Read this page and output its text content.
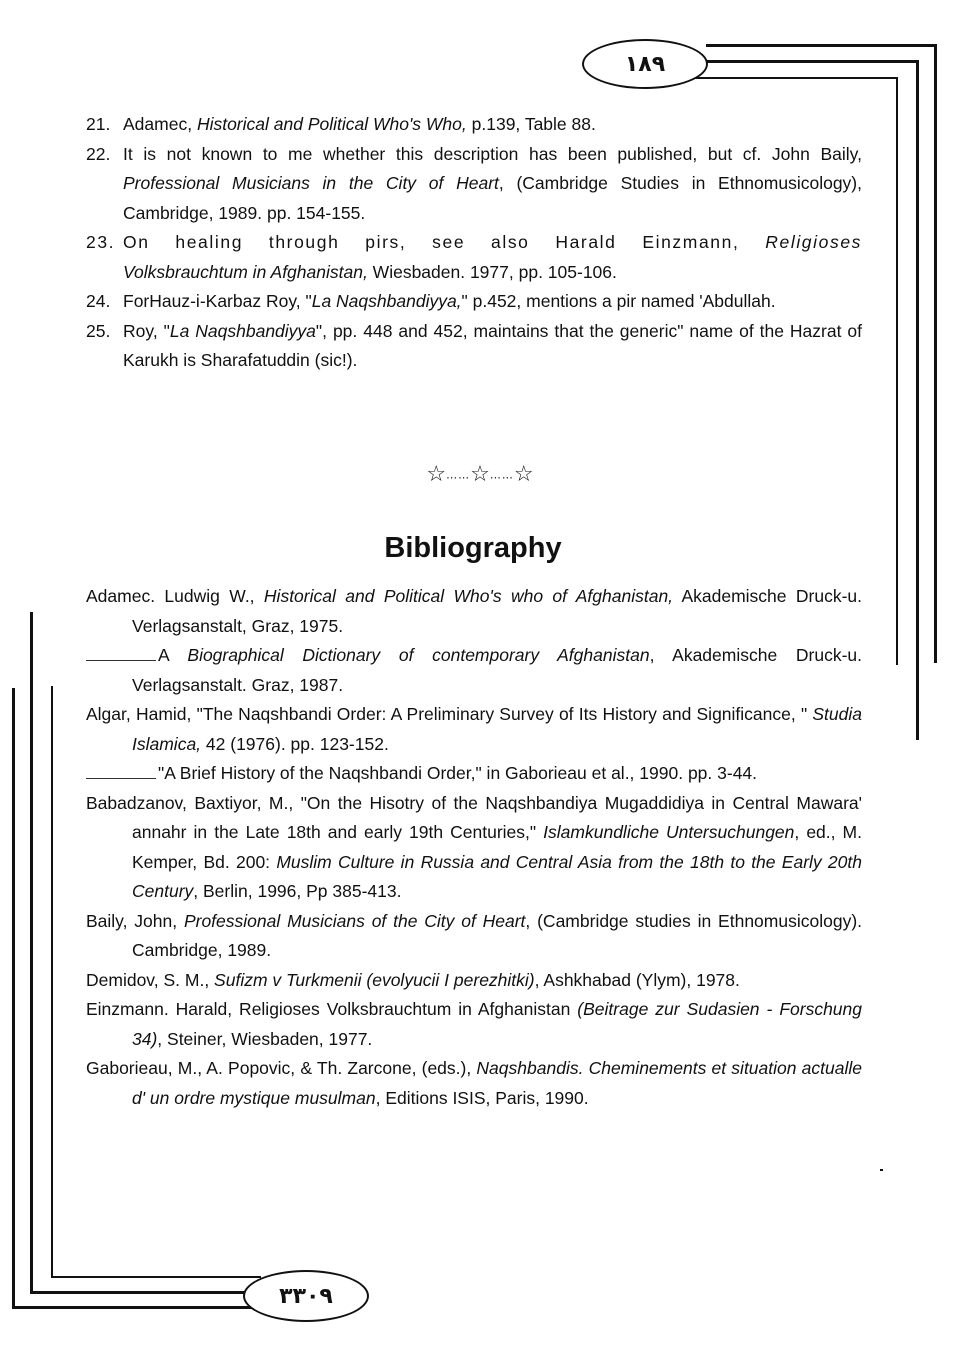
١٨٩
٣٣٠٩
21. Adamec, Historical and Political Who's Who, p.139, Table 88.
22. It is not known to me whether this description has been published, but cf. John Baily, Professional Musicians in the City of Heart, (Cambridge Studies in Ethnomusicology), Cambridge, 1989. pp. 154-155.
23. On healing through pirs, see also Harald Einzmann, Religioses Volksbrauchtum in Afghanistan, Wiesbaden. 1977, pp. 105-106.
24. ForHauz-i-Karbaz Roy, "La Naqshbandiyya," p.452, mentions a pir named 'Abdullah.
25. Roy, "La Naqshbandiyya", pp. 448 and 452, maintains that the generic" name of the Hazrat of Karukh is Sharafatuddin (sic!).
☆……☆……☆
Bibliography
Adamec. Ludwig W., Historical and Political Who's who of Afghanistan, Akademische Druck-u. Verlagsanstalt, Graz, 1975.
A Biographical Dictionary of contemporary Afghanistan, Akademische Druck-u. Verlagsanstalt. Graz, 1987.
Algar, Hamid, "The Naqshbandi Order: A Preliminary Survey of Its History and Significance, " Studia Islamica, 42 (1976). pp. 123-152.
"A Brief History of the Naqshbandi Order," in Gaborieau et al., 1990. pp. 3-44.
Babadzanov, Baxtiyor, M., "On the Hisotry of the Naqshbandiya Mugaddidiya in Central Mawara' annahr in the Late 18th and early 19th Centuries," Islamkundliche Untersuchungen, ed., M. Kemper, Bd. 200: Muslim Culture in Russia and Central Asia from the 18th to the Early 20th Century, Berlin, 1996, Pp 385-413.
Baily, John, Professional Musicians of the City of Heart, (Cambridge studies in Ethnomusicology). Cambridge, 1989.
Demidov, S. M., Sufizm v Turkmenii (evolyucii I perezhitki), Ashkhabad (Ylym), 1978.
Einzmann. Harald, Religioses Volksbrauchtum in Afghanistan (Beitrage zur Sudasien - Forschung 34), Steiner, Wiesbaden, 1977.
Gaborieau, M., A. Popovic, & Th. Zarcone, (eds.), Naqshbandis. Cheminements et situation actualle d' un ordre mystique musulman, Editions ISIS, Paris, 1990.
